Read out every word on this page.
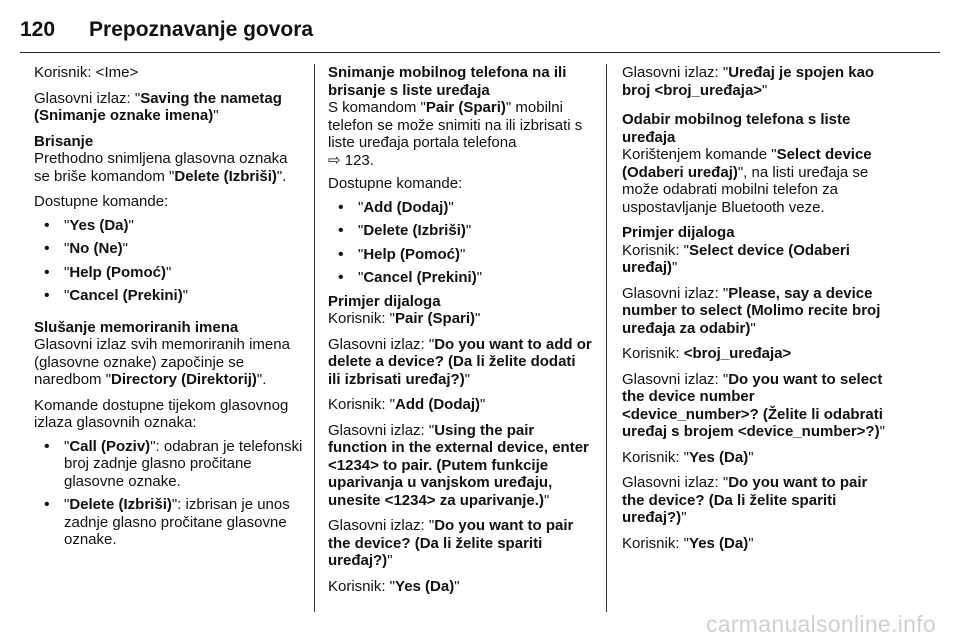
120 Prepoznavanje govora

Korisnik: <Ime>

Glasovni izlaz: "Saving the nametag (Snimanje oznake imena)"

Brisanje

Prethodno snimljena glasovna oznaka se briše komandom "Delete (Izbriši)".

Dostupne komande:

• "Yes (Da)"
• "No (Ne)"
• "Help (Pomoć)"
• "Cancel (Prekini)"
Slušanje memoriranih imena

Glasovni izlaz svih memoriranih imena (glasovne oznake) započinje se naredbom "Directory (Direktorij)".

Komande dostupne tijekom glasovnog izlaza glasovnih oznaka:

• "Call (Poziv)": odabran je telefonski broj zadnje glasno pročitane glasovne oznake.
• "Delete (Izbriši)": izbrisan je unos zadnje glasno pročitane glasovne oznake.
Snimanje mobilnog telefona na ili brisanje s liste uređaja

S komandom "Pair (Spari)" mobilni telefon se može snimiti na ili izbrisati s liste uređaja portala telefona
⇨ 123.

Dostupne komande:

• "Add (Dodaj)"
• "Delete (Izbriši)"
• "Help (Pomoć)"
• "Cancel (Prekini)"
Primjer dijaloga

Korisnik: "Pair (Spari)"

Glasovni izlaz: "Do you want to add or delete a device? (Da li želite dodati ili izbrisati uređaj?)"

Korisnik: "Add (Dodaj)"

Glasovni izlaz: "Using the pair function in the external device, enter <1234> to pair. (Putem funkcije uparivanja u vanjskom uređaju, unesite <1234> za uparivanje.)"

Glasovni izlaz: "Do you want to pair the device? (Da li želite spariti uređaj?)"

Korisnik: "Yes (Da)"

Glasovni izlaz: "Uređaj je spojen kao broj <broj_uređaja>"

Odabir mobilnog telefona s liste uređaja

Korištenjem komande "Select device (Odaberi uređaj)", na listi uređaja se može odabrati mobilni telefon za uspostavljanje Bluetooth veze.

Primjer dijaloga

Korisnik: "Select device (Odaberi uređaj)"

Glasovni izlaz: "Please, say a device number to select (Molimo recite broj uređaja za odabir)"

Korisnik: <broj_uređaja>

Glasovni izlaz: "Do you want to select the device number <device_number>? (Želite li odabrati uređaj s brojem <device_number>?)"

Korisnik: "Yes (Da)"

Glasovni izlaz: "Do you want to pair the device? (Da li želite spariti uređaj?)"

Korisnik: "Yes (Da)"

carmanualsonline.info
